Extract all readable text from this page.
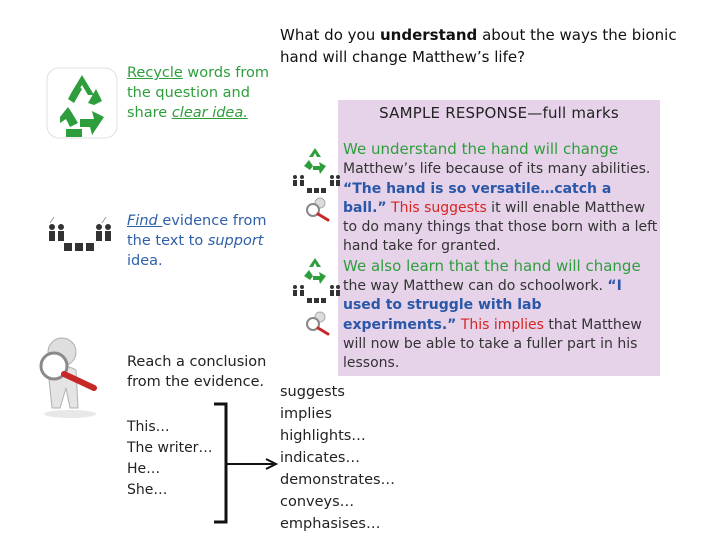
What do you understand about the ways the bionic hand will change Matthew’s life?
Recycle words from the question and share clear idea.
Find evidence from the text to support idea.
Reach a conclusion from the evidence.
This…
The writer…
He…
She…
suggests
implies
highlights…
indicates…
demonstrates…
conveys…
emphasises…
SAMPLE RESPONSE—full marks
We understand the hand will change Matthew’s life because of its many abilities. “The hand is so versatile…catch a ball.” This suggests it will enable Matthew to do many things that those born with a left hand take for granted.
We also learn that the hand will change the way Matthew can do schoolwork. “I used to struggle with lab experiments.” This implies that Matthew will now be able to take a fuller part in his lessons.
